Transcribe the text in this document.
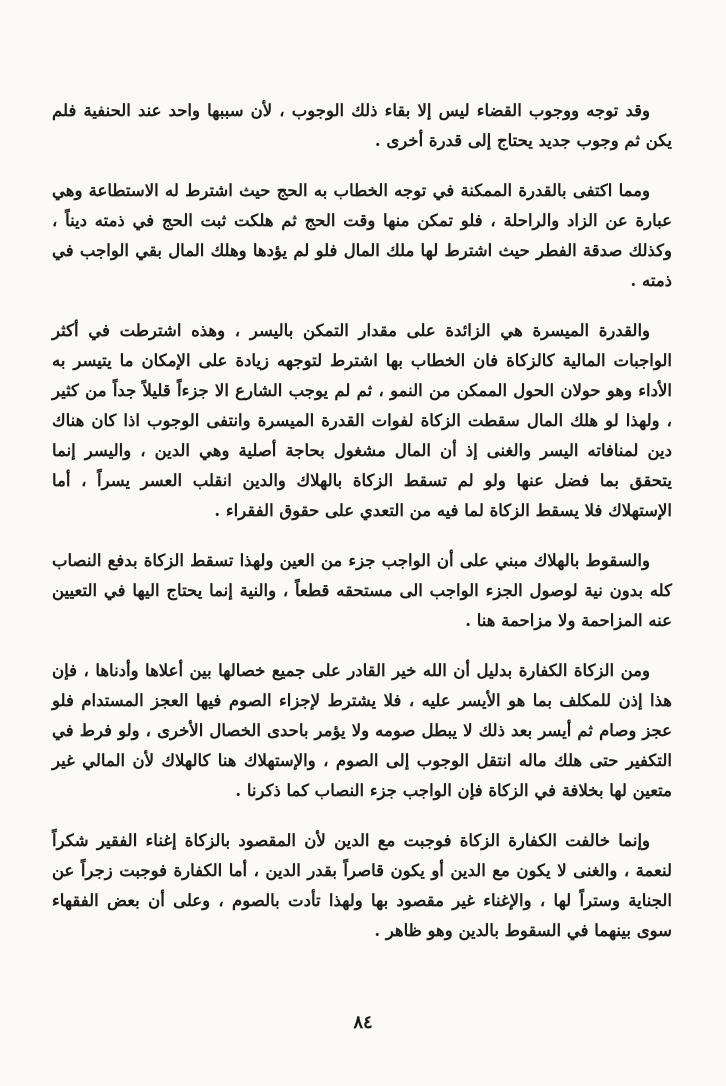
وقد توجه ووجوب القضاء ليس إلا بقاء ذلك الوجوب ، لأن سببها واحد عند الحنفية فلم يكن ثم وجوب جديد يحتاج إلى قدرة أخرى .

ومما اكتفى بالقدرة الممكنة في توجه الخطاب به الحج حيث اشترط له الاستطاعة وهي عبارة عن الزاد والراحلة ، فلو تمكن منها وقت الحج ثم هلكت ثبت الحج في ذمته ديناً ، وكذلك صدقة الفطر حيث اشترط لها ملك المال فلو لم يؤدها وهلك المال بقي الواجب في ذمته .

والقدرة الميسرة هي الزائدة على مقدار التمكن باليسر ، وهذه اشترطت في أكثر الواجبات المالية كالزكاة فان الخطاب بها اشترط لتوجهه زيادة على الإمكان ما يتيسر به الأداء وهو حولان الحول الممكن من النمو ، ثم لم يوجب الشارع الا جزءاً قليلاً جداً من كثير ، ولهذا لو هلك المال سقطت الزكاة لفوات القدرة الميسرة وانتفى الوجوب اذا كان هناك دين لمنافاته اليسر والغنى إذ أن المال مشغول بحاجة أصلية وهي الدين ، واليسر إنما يتحقق بما فضل عنها ولو لم تسقط الزكاة بالهلاك والدين انقلب العسر يسراً ، أما الإستهلاك فلا يسقط الزكاة لما فيه من التعدي على حقوق الفقراء .

والسقوط بالهلاك مبني على أن الواجب جزء من العين ولهذا تسقط الزكاة بدفع النصاب كله بدون نية لوصول الجزء الواجب الى مستحقه قطعاً ، والنية إنما يحتاج اليها في التعيين عنه المزاحمة ولا مزاحمة هنا .

ومن الزكاة الكفارة بدليل أن الله خير القادر على جميع خصالها بين أعلاها وأدناها ، فإن هذا إذن للمكلف بما هو الأيسر عليه ، فلا يشترط لإجزاء الصوم فيها العجز المستدام فلو عجز وصام ثم أيسر بعد ذلك لا يبطل صومه ولا يؤمر باحدى الخصال الأخرى ، ولو فرط في التكفير حتى هلك ماله انتقل الوجوب إلى الصوم ، والإستهلاك هنا كالهلاك لأن المالي غير متعين لها بخلافة في الزكاة فإن الواجب جزء النصاب كما ذكرنا .

وإنما خالفت الكفارة الزكاة فوجبت مع الدين لأن المقصود بالزكاة إغناء الفقير شكراً لنعمة ، والغنى لا يكون مع الدين أو يكون قاصراً بقدر الدين ، أما الكفارة فوجبت زجراً عن الجناية وستراً لها ، والإغناء غير مقصود بها ولهذا تأدت بالصوم ، وعلى أن بعض الفقهاء سوى بينهما في السقوط بالدين وهو ظاهر .

٨٤
